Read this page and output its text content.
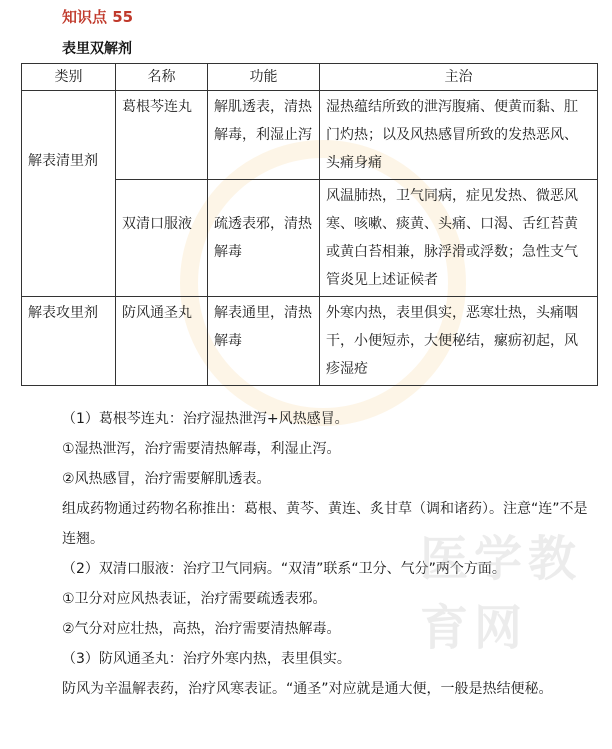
知识点 55
表里双解剂
类别	名称	功能	主治
解表清里剂	葛根芩连丸	解肌透表，清热解毒，利湿止泻	湿热蕴结所致的泄泻腹痛、便黄而黏、肛门灼热；以及风热感冒所致的发热恶风、头痛身痛
	双清口服液	疏透表邪，清热解毒	风温肺热，卫气同病，症见发热、微恶风寒、咳嗽、痰黄、头痛、口渴、舌红苔黄或黄白苔相兼，脉浮滑或浮数；急性支气管炎见上述证候者
解表攻里剂	防风通圣丸	解表通里，清热解毒	外寒内热，表里俱实，恶寒壮热，头痛咽干，小便短赤，大便秘结，瘰疬初起，风疹湿疮

（1）葛根芩连丸：治疗湿热泄泻+风热感冒。

①湿热泄泻，治疗需要清热解毒，利湿止泻。

②风热感冒，治疗需要解肌透表。

组成药物通过药物名称推出：葛根、黄芩、黄连、炙甘草（调和诸药）。注意“连”不是连翘。

（2）双清口服液：治疗卫气同病。“双清”联系“卫分、气分”两个方面。

①卫分对应风热表证，治疗需要疏透表邪。

②气分对应壮热，高热，治疗需要清热解毒。

（3）防风通圣丸：治疗外寒内热，表里俱实。

防风为辛温解表药，治疗风寒表证。“通圣”对应就是通大便，一般是热结便秘。

医学教育网
